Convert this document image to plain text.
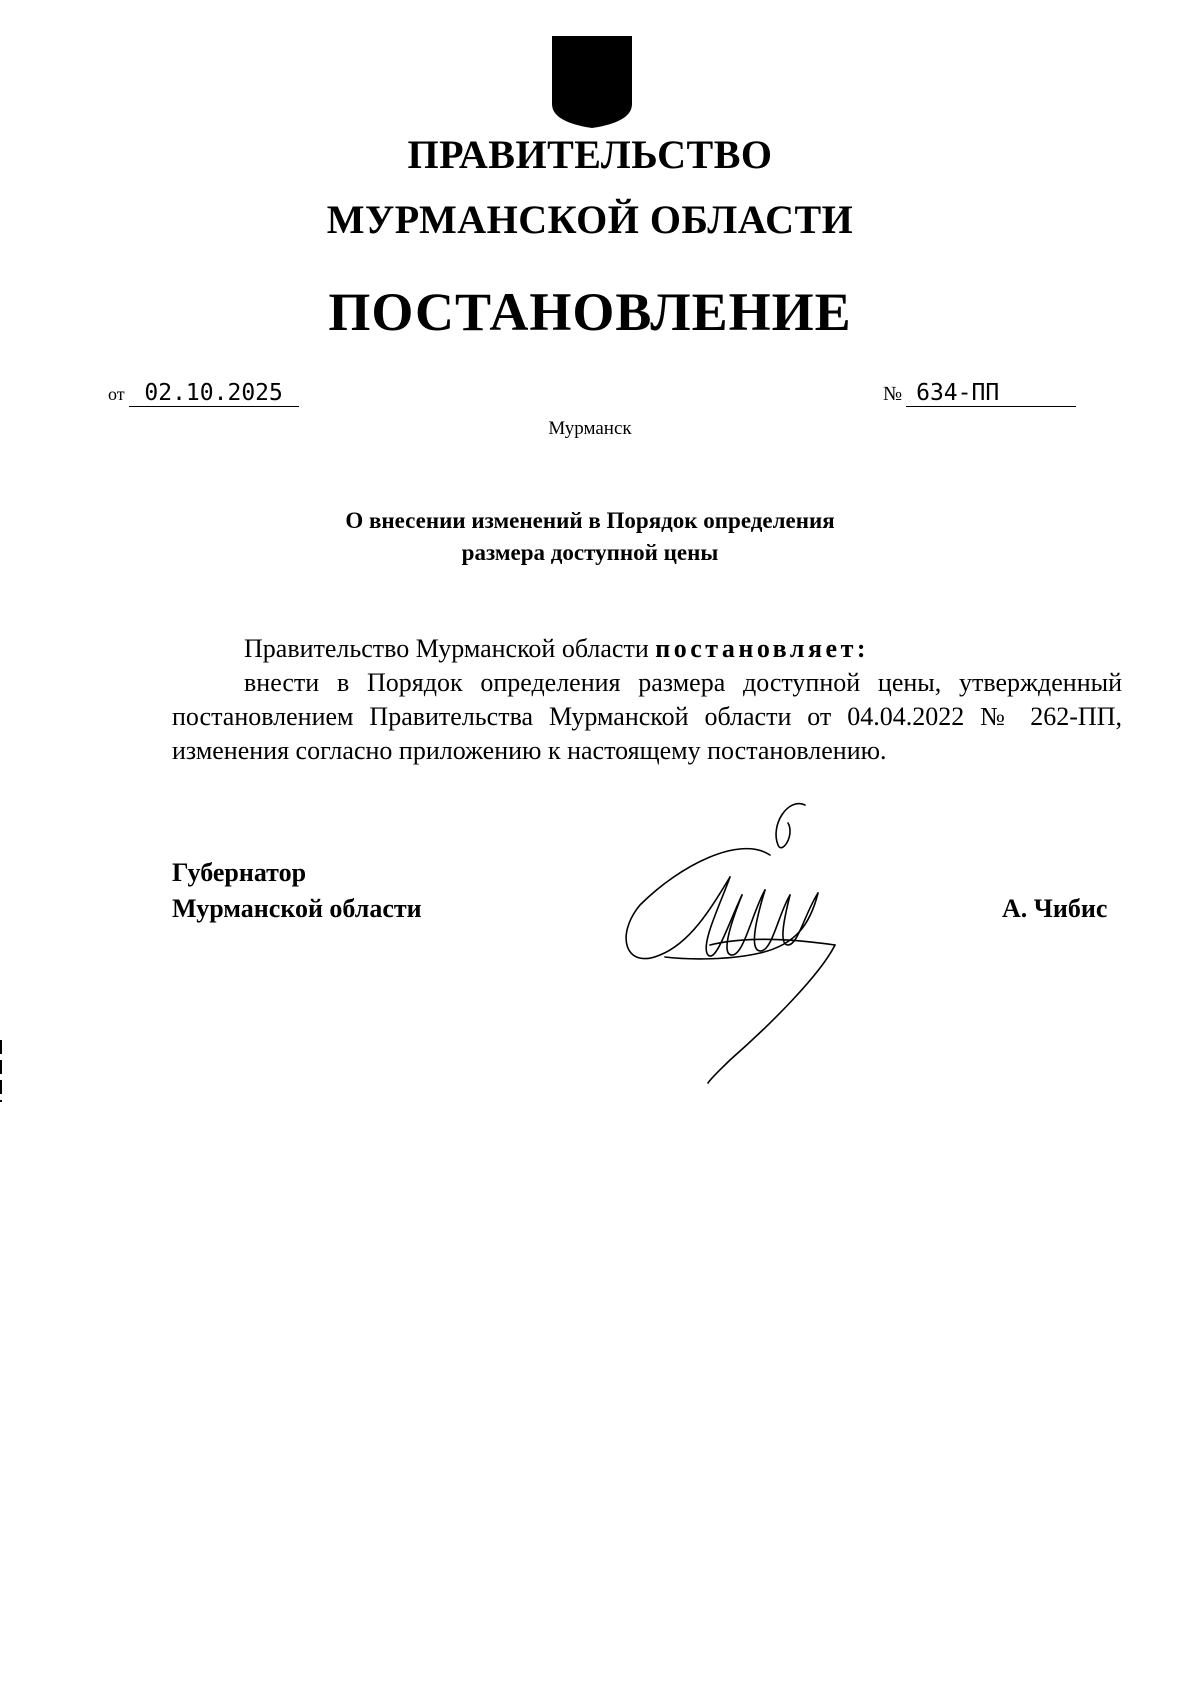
ПРАВИТЕЛЬСТВО
МУРМАНСКОЙ ОБЛАСТИ
ПОСТАНОВЛЕНИЕ
от 02.10.2025	№ 634-ПП
Мурманск
О внесении изменений в Порядок определения
размера доступной цены

Правительство Мурманской области постановляет:

внести в Порядок определения размера доступной цены, утвержденный постановлением Правительства Мурманской области от 04.04.2022 № 262-ПП, изменения согласно приложению к настоящему постановлению.

Губернатор
Мурманской области	А. Чибис
